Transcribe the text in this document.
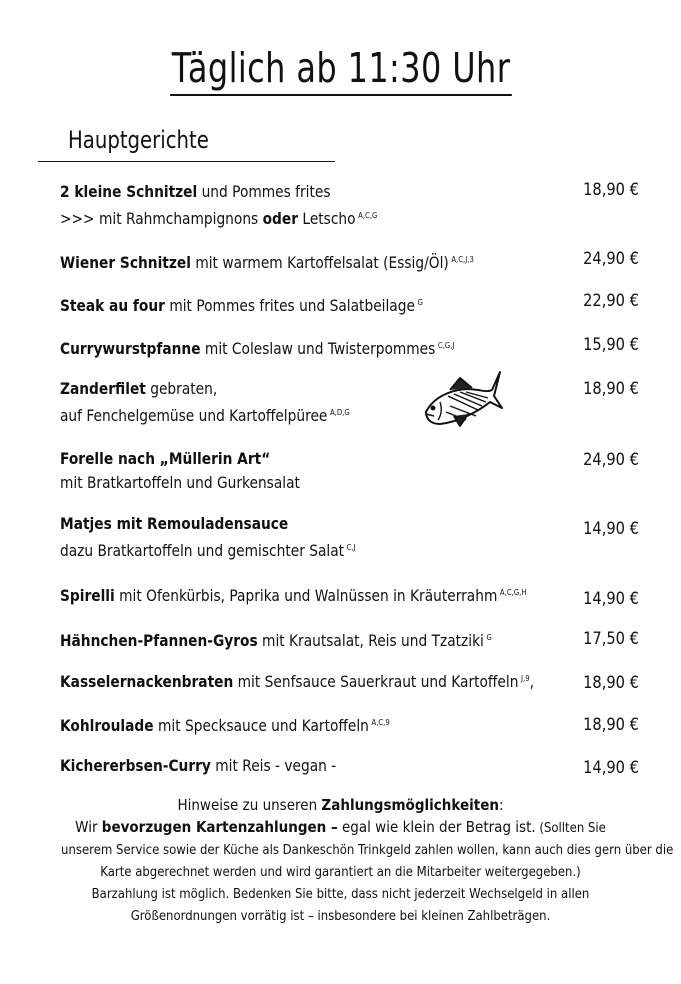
Täglich ab 11:30 Uhr
Hauptgerichte
2 kleine Schnitzel und Pommes frites
>>> mit Rahmchampignons oder Letscho $^{A,C,G}$
18,90 €
Wiener Schnitzel mit warmem Kartoffelsalat (Essig/Öl) $^{A,C,J,3}$	24,90 €
Steak au four mit Pommes frites und Salatbeilage $^G$	22,90 €
Currywurstpfanne mit Coleslaw und Twisterpommes $^{C,G,J}$	15,90 €
Zanderfilet gebraten,
auf Fenchelgemüse und Kartoffelpüree $^{A,D,G}$
18,90 €
Forelle nach „Müllerin Art“
mit Bratkartoffeln und Gurkensalat
24,90 €
Matjes mit Remouladensauce
dazu Bratkartoffeln und gemischter Salat $^{C,J}$
14,90 €
Spirelli mit Ofenkürbis, Paprika und Walnüssen in Kräuterrahm $^{A,C,G,H}$	14,90 €
Hähnchen-Pfannen-Gyros mit Krautsalat, Reis und Tzatziki $^G$	17,50 €
Kasselernackenbraten mit Senfsauce Sauerkraut und Kartoffeln $^{J,9}$,	18,90 €
Kohlroulade mit Specksauce und Kartoffeln $^{A,C,9}$	18,90 €
Kichererbsen-Curry mit Reis - vegan -	14,90 €
Hinweise zu unseren Zahlungsmöglichkeiten:
Wir bevorzugen Kartenzahlungen – egal wie klein der Betrag ist. (Sollten Sie
unserem Service sowie der Küche als Dankeschön Trinkgeld zahlen wollen, kann auch dies gern über die
Karte abgerechnet werden und wird garantiert an die Mitarbeiter weitergegeben.)
Barzahlung ist möglich. Bedenken Sie bitte, dass nicht jederzeit Wechselgeld in allen
Größenordnungen vorrätig ist – insbesondere bei kleinen Zahlbeträgen.
